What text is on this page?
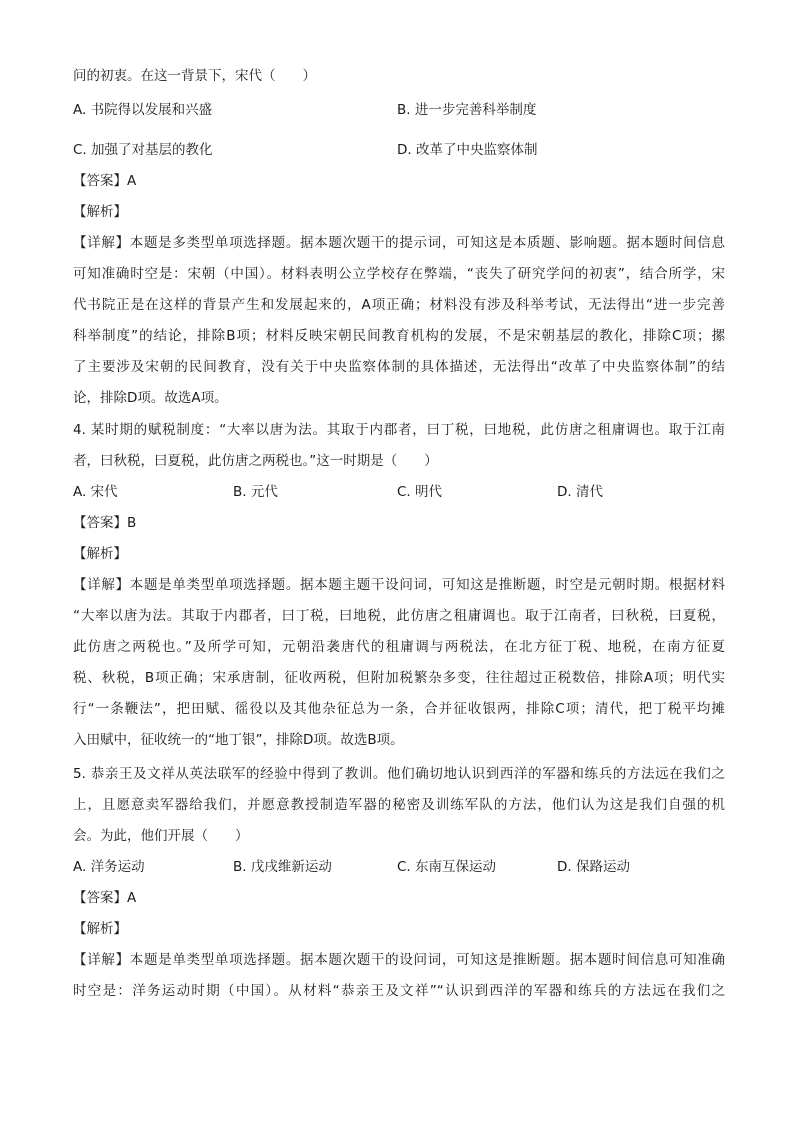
问的初衷。在这一背景下，宋代（　　）
A. 书院得以发展和兴盛	B. 进一步完善科举制度
C. 加强了对基层的教化	D. 改革了中央监察体制
【答案】A
【解析】
【详解】本题是多类型单项选择题。据本题次题干的提示词，可知这是本质题、影响题。据本题时间信息
可知准确时空是：宋朝（中国）。材料表明公立学校存在弊端，“丧失了研究学问的初衷”，结合所学，宋
代书院正是在这样的背景产生和发展起来的，A项正确；材料没有涉及科举考试，无法得出“进一步完善
科举制度”的结论，排除B项；材料反映宋朝民间教育机构的发展，不是宋朝基层的教化，排除C项；摞
了主要涉及宋朝的民间教育，没有关于中央监察体制的具体描述，无法得出“改革了中央监察体制”的结
论，排除D项。故选A项。
4. 某时期的赋税制度：“大率以唐为法。其取于内郡者，曰丁税，曰地税，此仿唐之租庸调也。取于江南
者，曰秋税，曰夏税，此仿唐之两税也。”这一时期是（　　）
A. 宋代	B. 元代	C. 明代	D. 清代
【答案】B
【解析】
【详解】本题是单类型单项选择题。据本题主题干设问词，可知这是推断题，时空是元朝时期。根据材料
“大率以唐为法。其取于内郡者，曰丁税，曰地税，此仿唐之租庸调也。取于江南者，曰秋税，曰夏税，
此仿唐之两税也。”及所学可知，元朝沿袭唐代的租庸调与两税法，在北方征丁税、地税，在南方征夏
税、秋税，B项正确；宋承唐制，征收两税，但附加税繁杂多变，往往超过正税数倍，排除A项；明代实
行“一条鞭法”，把田赋、徭役以及其他杂征总为一条，合并征收银两，排除C项；清代，把丁税平均摊
入田赋中，征收统一的“地丁银”，排除D项。故选B项。
5. 恭亲王及文祥从英法联军的经验中得到了教训。他们确切地认识到西洋的军器和练兵的方法远在我们之
上，且愿意卖军器给我们，并愿意教授制造军器的秘密及训练军队的方法，他们认为这是我们自强的机
会。为此，他们开展（　　）
A. 洋务运动	B. 戊戌维新运动	C. 东南互保运动	D. 保路运动
【答案】A
【解析】
【详解】本题是单类型单项选择题。据本题次题干的设问词，可知这是推断题。据本题时间信息可知准确
时空是：洋务运动时期（中国）。从材料“恭亲王及文祥”“认识到西洋的军器和练兵的方法远在我们之
